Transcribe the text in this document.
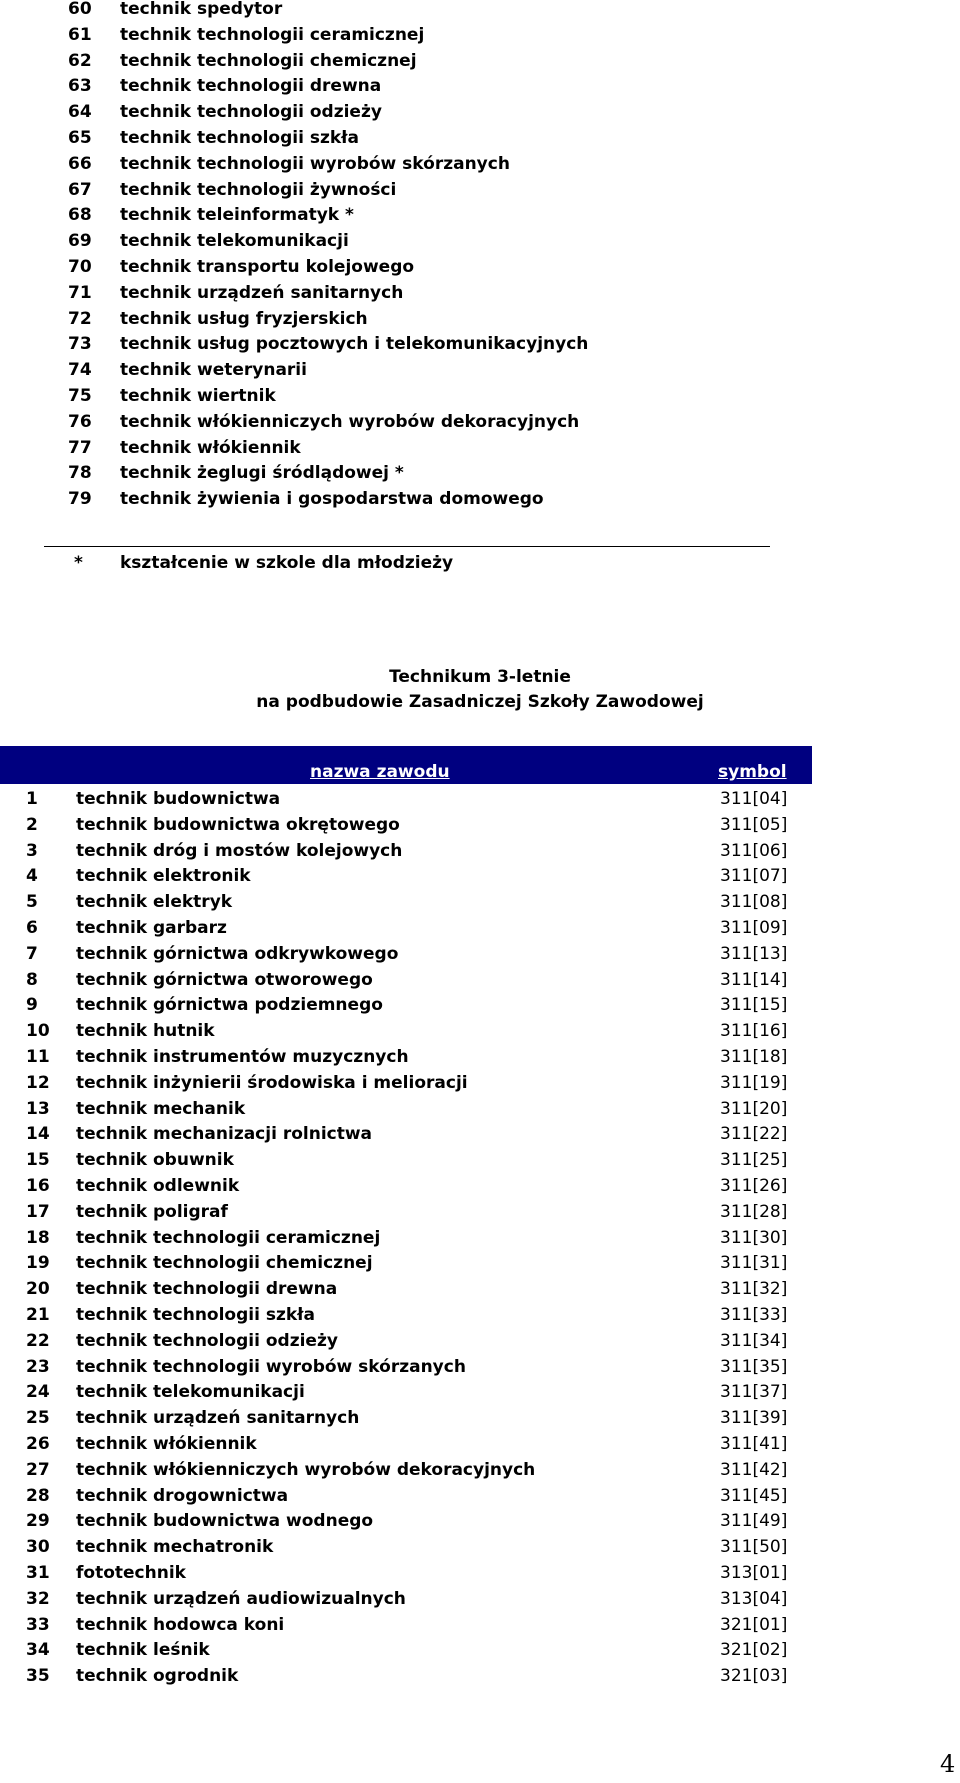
60	technik spedytor
61	technik technologii ceramicznej
62	technik technologii chemicznej
63	technik technologii drewna
64	technik technologii odzieży
65	technik technologii szkła
66	technik technologii wyrobów skórzanych
67	technik technologii żywności
68	technik teleinformatyk *
69	technik telekomunikacji
70	technik transportu kolejowego
71	technik urządzeń sanitarnych
72	technik usług fryzjerskich
73	technik usług pocztowych i telekomunikacyjnych
74	technik weterynarii
75	technik wiertnik
76	technik włókienniczych wyrobów dekoracyjnych
77	technik włókiennik
78	technik żeglugi śródlądowej *
79	technik żywienia i gospodarstwa domowego
* kształcenie w szkole dla młodzieży
Technikum 3-letnie
na podbudowie Zasadniczej Szkoły Zawodowej
nazwa zawodu	symbol
1	technik budownictwa	311[04]
2	technik budownictwa okrętowego	311[05]
3	technik dróg i mostów kolejowych	311[06]
4	technik elektronik	311[07]
5	technik elektryk	311[08]
6	technik garbarz	311[09]
7	technik górnictwa odkrywkowego	311[13]
8	technik górnictwa otworowego	311[14]
9	technik górnictwa podziemnego	311[15]
10	technik hutnik	311[16]
11	technik instrumentów muzycznych	311[18]
12	technik inżynierii środowiska i melioracji	311[19]
13	technik mechanik	311[20]
14	technik mechanizacji rolnictwa	311[22]
15	technik obuwnik	311[25]
16	technik odlewnik	311[26]
17	technik poligraf	311[28]
18	technik technologii ceramicznej	311[30]
19	technik technologii chemicznej	311[31]
20	technik technologii drewna	311[32]
21	technik technologii szkła	311[33]
22	technik technologii odzieży	311[34]
23	technik technologii wyrobów skórzanych	311[35]
24	technik telekomunikacji	311[37]
25	technik urządzeń sanitarnych	311[39]
26	technik włókiennik	311[41]
27	technik włókienniczych wyrobów dekoracyjnych	311[42]
28	technik drogownictwa	311[45]
29	technik budownictwa wodnego	311[49]
30	technik mechatronik	311[50]
31	fototechnik	313[01]
32	technik urządzeń audiowizualnych	313[04]
33	technik hodowca koni	321[01]
34	technik leśnik	321[02]
35	technik ogrodnik	321[03]
4
